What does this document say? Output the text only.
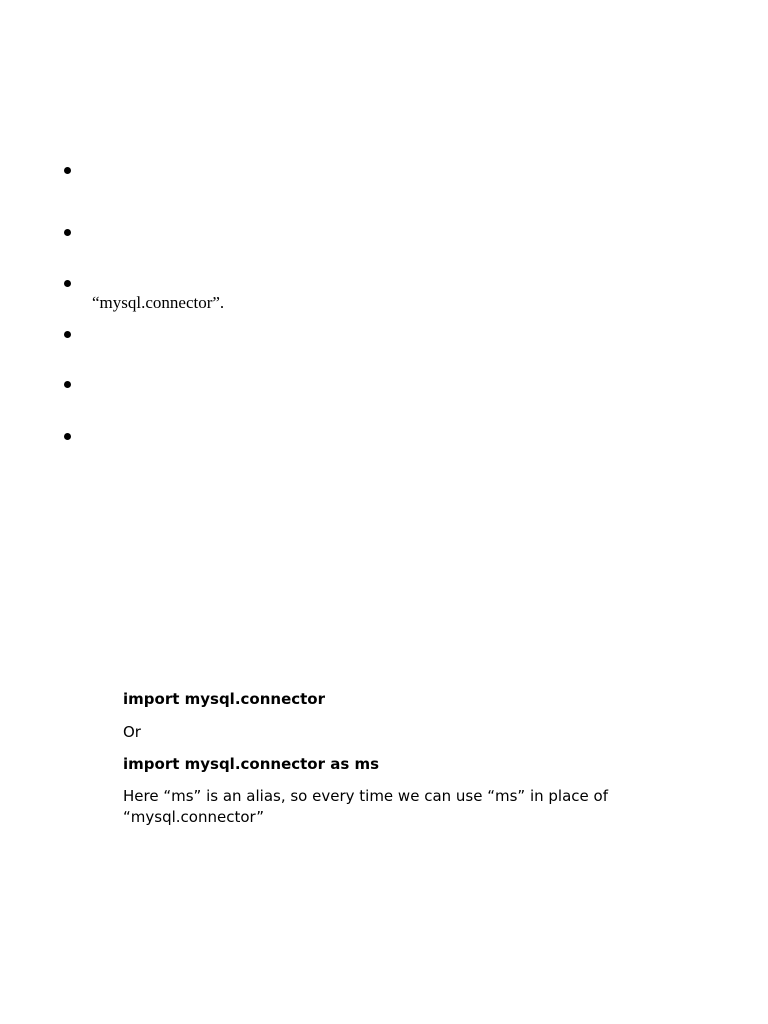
“mysql.connector”.
import mysql.connector
Or
import mysql.connector as ms
Here “ms” is an alias, so every time we can use “ms” in place of
“mysql.connector”
